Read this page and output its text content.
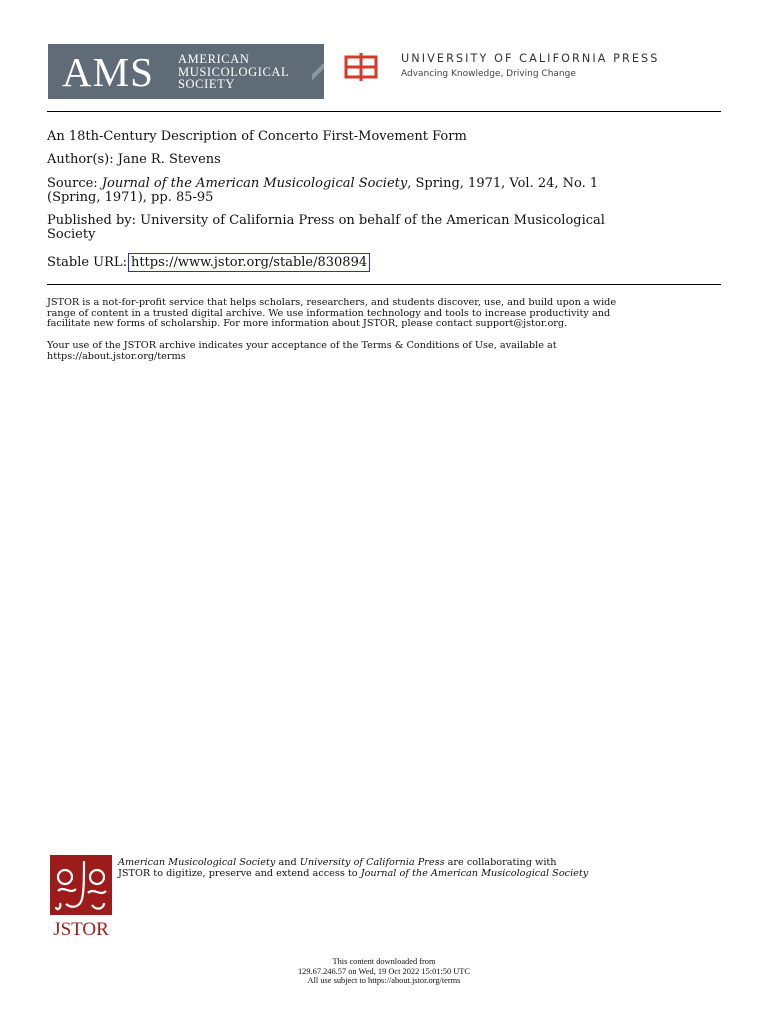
AMS AMERICAN
MUSICOLOGICAL
SOCIETY
UNIVERSITY OF CALIFORNIA PRESS
Advancing Knowledge, Driving Change
An 18th-Century Description of Concerto First-Movement Form
Author(s): Jane R. Stevens
Source: Journal of the American Musicological Society, Spring, 1971, Vol. 24, No. 1
(Spring, 1971), pp. 85-95
Published by: University of California Press on behalf of the American Musicological
Society
Stable URL: https://www.jstor.org/stable/830894
JSTOR is a not-for-profit service that helps scholars, researchers, and students discover, use, and build upon a wide
range of content in a trusted digital archive. We use information technology and tools to increase productivity and
facilitate new forms of scholarship. For more information about JSTOR, please contact support@jstor.org.
Your use of the JSTOR archive indicates your acceptance of the Terms & Conditions of Use, available at
https://about.jstor.org/terms
JSTOR
American Musicological Society and University of California Press are collaborating with
JSTOR to digitize, preserve and extend access to Journal of the American Musicological Society
This content downloaded from
129.67.246.57 on Wed, 19 Oct 2022 15:01:50 UTC
All use subject to https://about.jstor.org/terms
